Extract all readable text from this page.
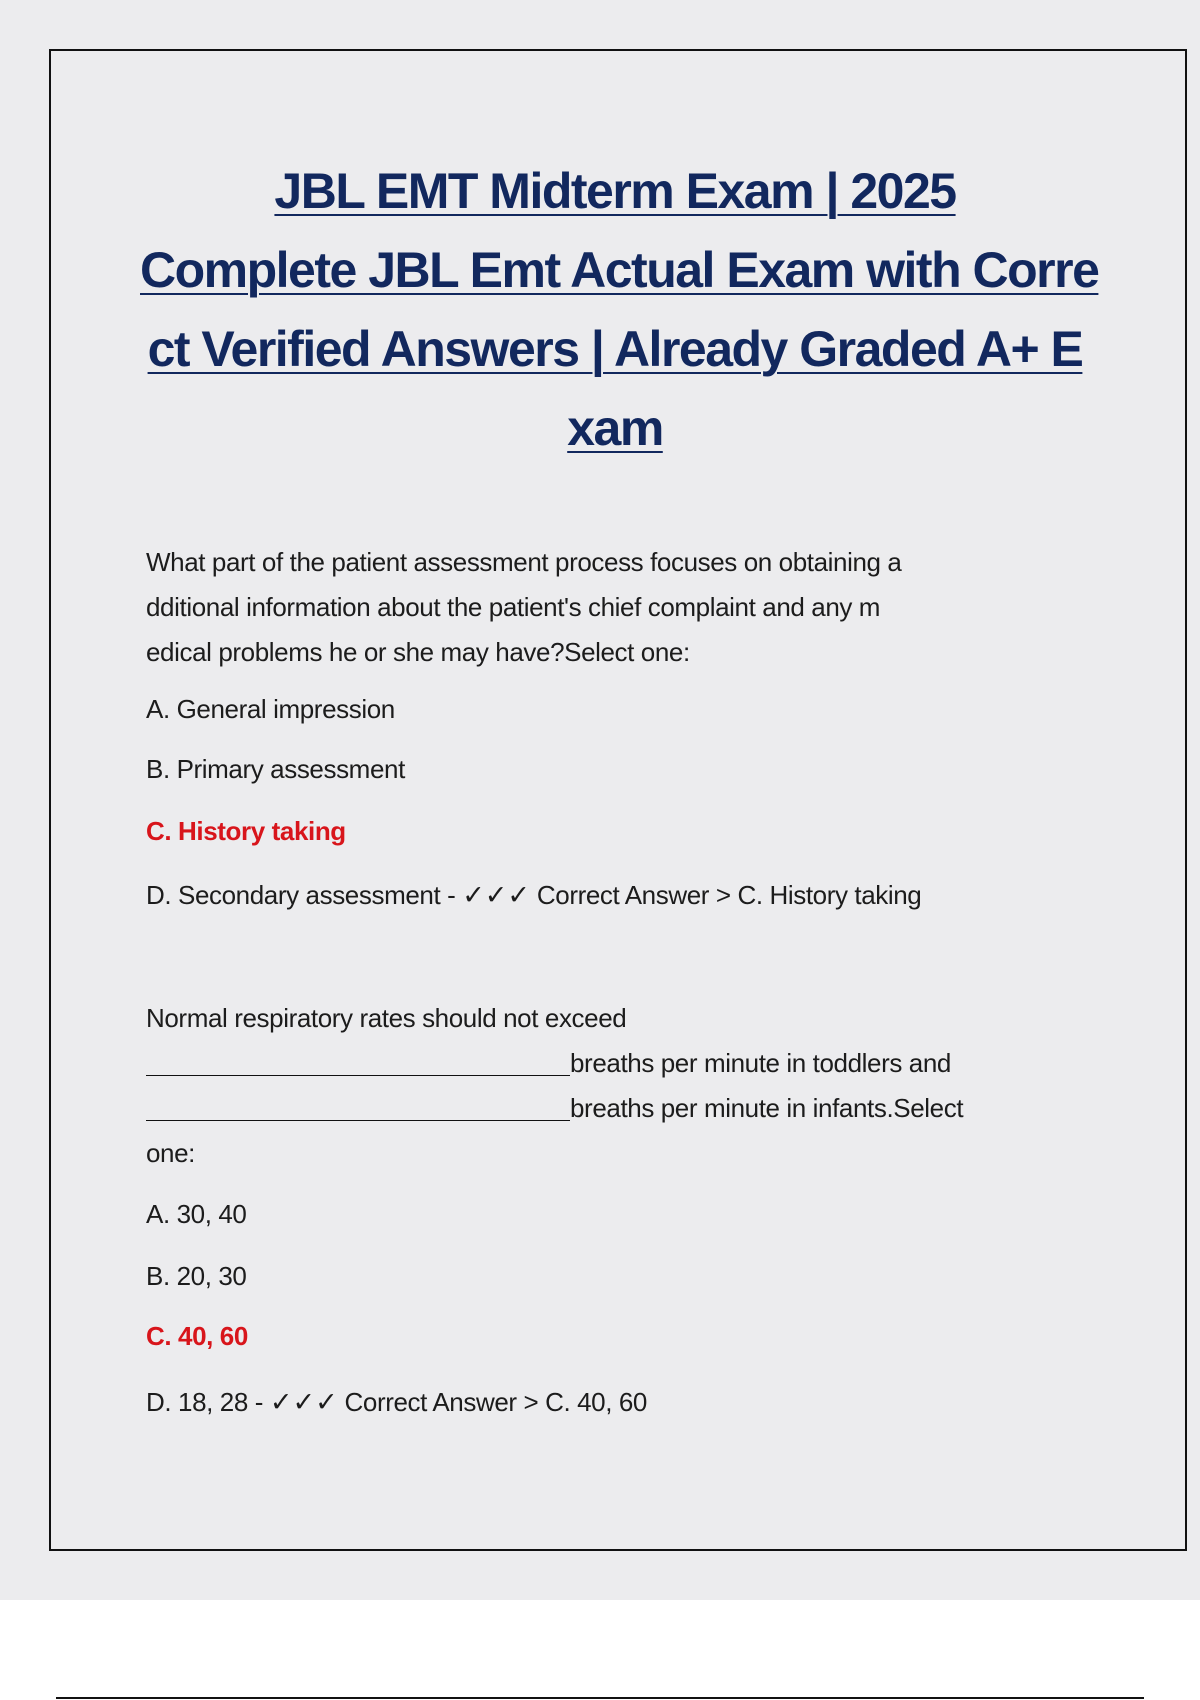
JBL EMT Midterm Exam | 2025
Complete JBL Emt Actual Exam with Corre
ct Verified Answers | Already Graded A+ E
xam

What part of the patient assessment process focuses on obtaining a

dditional information about the patient's chief complaint and any m

edical problems he or she may have?Select one:

A. General impression

B. Primary assessment

C. History taking

D. Secondary assessment - ✓✓✓ Correct Answer > C. History taking

Normal respiratory rates should not exceed

breaths per minute in toddlers and

breaths per minute in infants.Select

one:

A. 30, 40

B. 20, 30

C. 40, 60

D. 18, 28 - ✓✓✓ Correct Answer > C. 40, 60
